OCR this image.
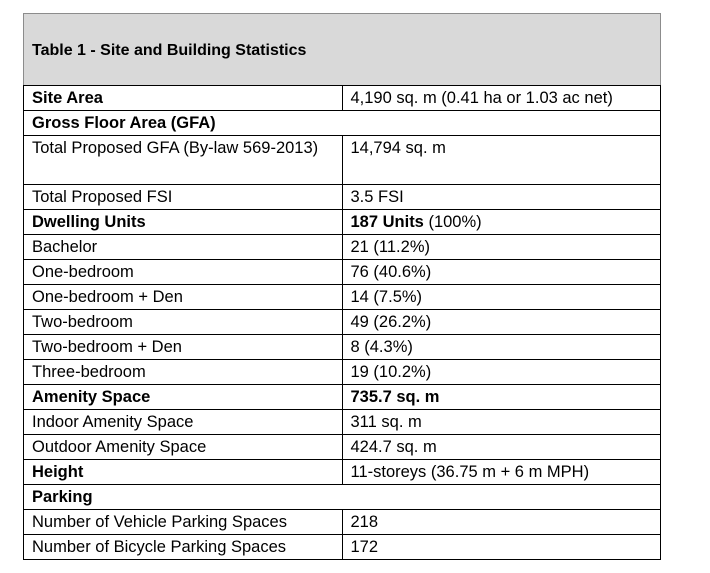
Table 1 - Site and Building Statistics
Site Area	4,190 sq. m (0.41 ha or 1.03 ac net)
Gross Floor Area (GFA)	
Total Proposed GFA (By-law 569-2013)	14,794 sq. m
Total Proposed FSI	3.5 FSI
Dwelling Units	187 Units (100%)
Bachelor	21 (11.2%)
One-bedroom	76 (40.6%)
One-bedroom + Den	14 (7.5%)
Two-bedroom	49 (26.2%)
Two-bedroom + Den	8 (4.3%)
Three-bedroom	19 (10.2%)
Amenity Space	735.7 sq. m
Indoor Amenity Space	311 sq. m
Outdoor Amenity Space	424.7 sq. m
Height	11-storeys (36.75 m + 6 m MPH)
Parking	
Number of Vehicle Parking Spaces	218
Number of Bicycle Parking Spaces	172
